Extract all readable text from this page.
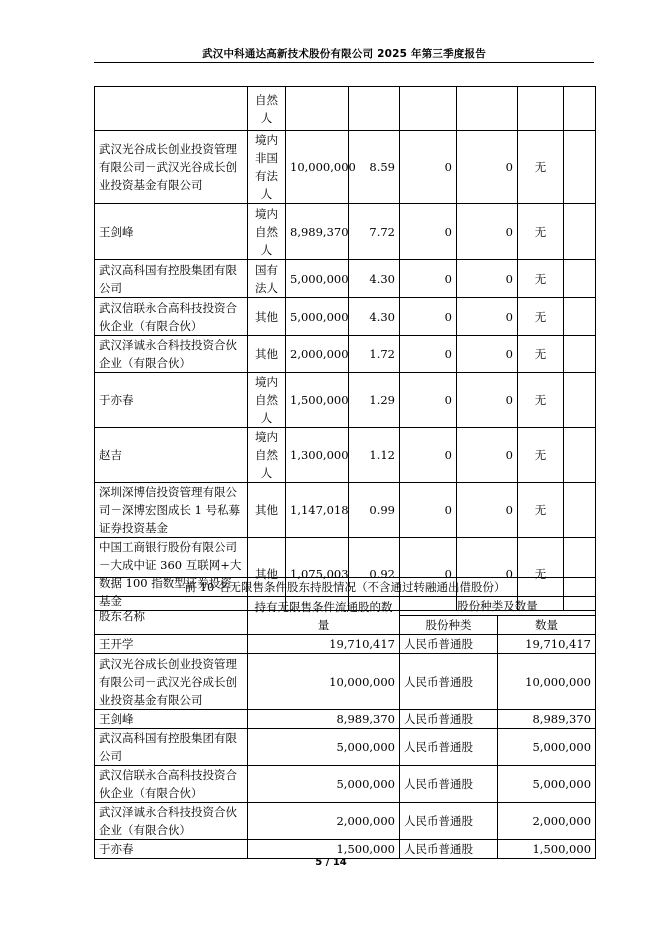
武汉中科通达高新技术股份有限公司 2025 年第三季度报告
	自然人						
武汉光谷成长创业投资管理有限公司－武汉光谷成长创业投资基金有限公司	境内非国有法人	10,000,000	8.59	0	0	无	
王剑峰	境内自然人	8,989,370	7.72	0	0	无	
武汉高科国有控股集团有限公司	国有法人	5,000,000	4.30	0	0	无	
武汉信联永合高科技投资合伙企业（有限合伙）	其他	5,000,000	4.30	0	0	无	
武汉泽诚永合科技投资合伙企业（有限合伙）	其他	2,000,000	1.72	0	0	无	
于亦春	境内自然人	1,500,000	1.29	0	0	无	
赵吉	境内自然人	1,300,000	1.12	0	0	无	
深圳深博信投资管理有限公司－深博宏图成长 1 号私募证券投资基金	其他	1,147,018	0.99	0	0	无	
中国工商银行股份有限公司－大成中证 360 互联网+大数据 100 指数型证券投资基金	其他	1,075,003	0.92	0	0	无	
前 10 名无限售条件股东持股情况（不含通过转融通出借股份）			
股东名称	持有无限售条件流通股的数量	股份种类及数量	
		股份种类	数量
王开学	19,710,417	人民币普通股	19,710,417
武汉光谷成长创业投资管理有限公司－武汉光谷成长创业投资基金有限公司	10,000,000	人民币普通股	10,000,000
王剑峰	8,989,370	人民币普通股	8,989,370
武汉高科国有控股集团有限公司	5,000,000	人民币普通股	5,000,000
武汉信联永合高科技投资合伙企业（有限合伙）	5,000,000	人民币普通股	5,000,000
武汉泽诚永合科技投资合伙企业（有限合伙）	2,000,000	人民币普通股	2,000,000
于亦春	1,500,000	人民币普通股	1,500,000
5 / 14
